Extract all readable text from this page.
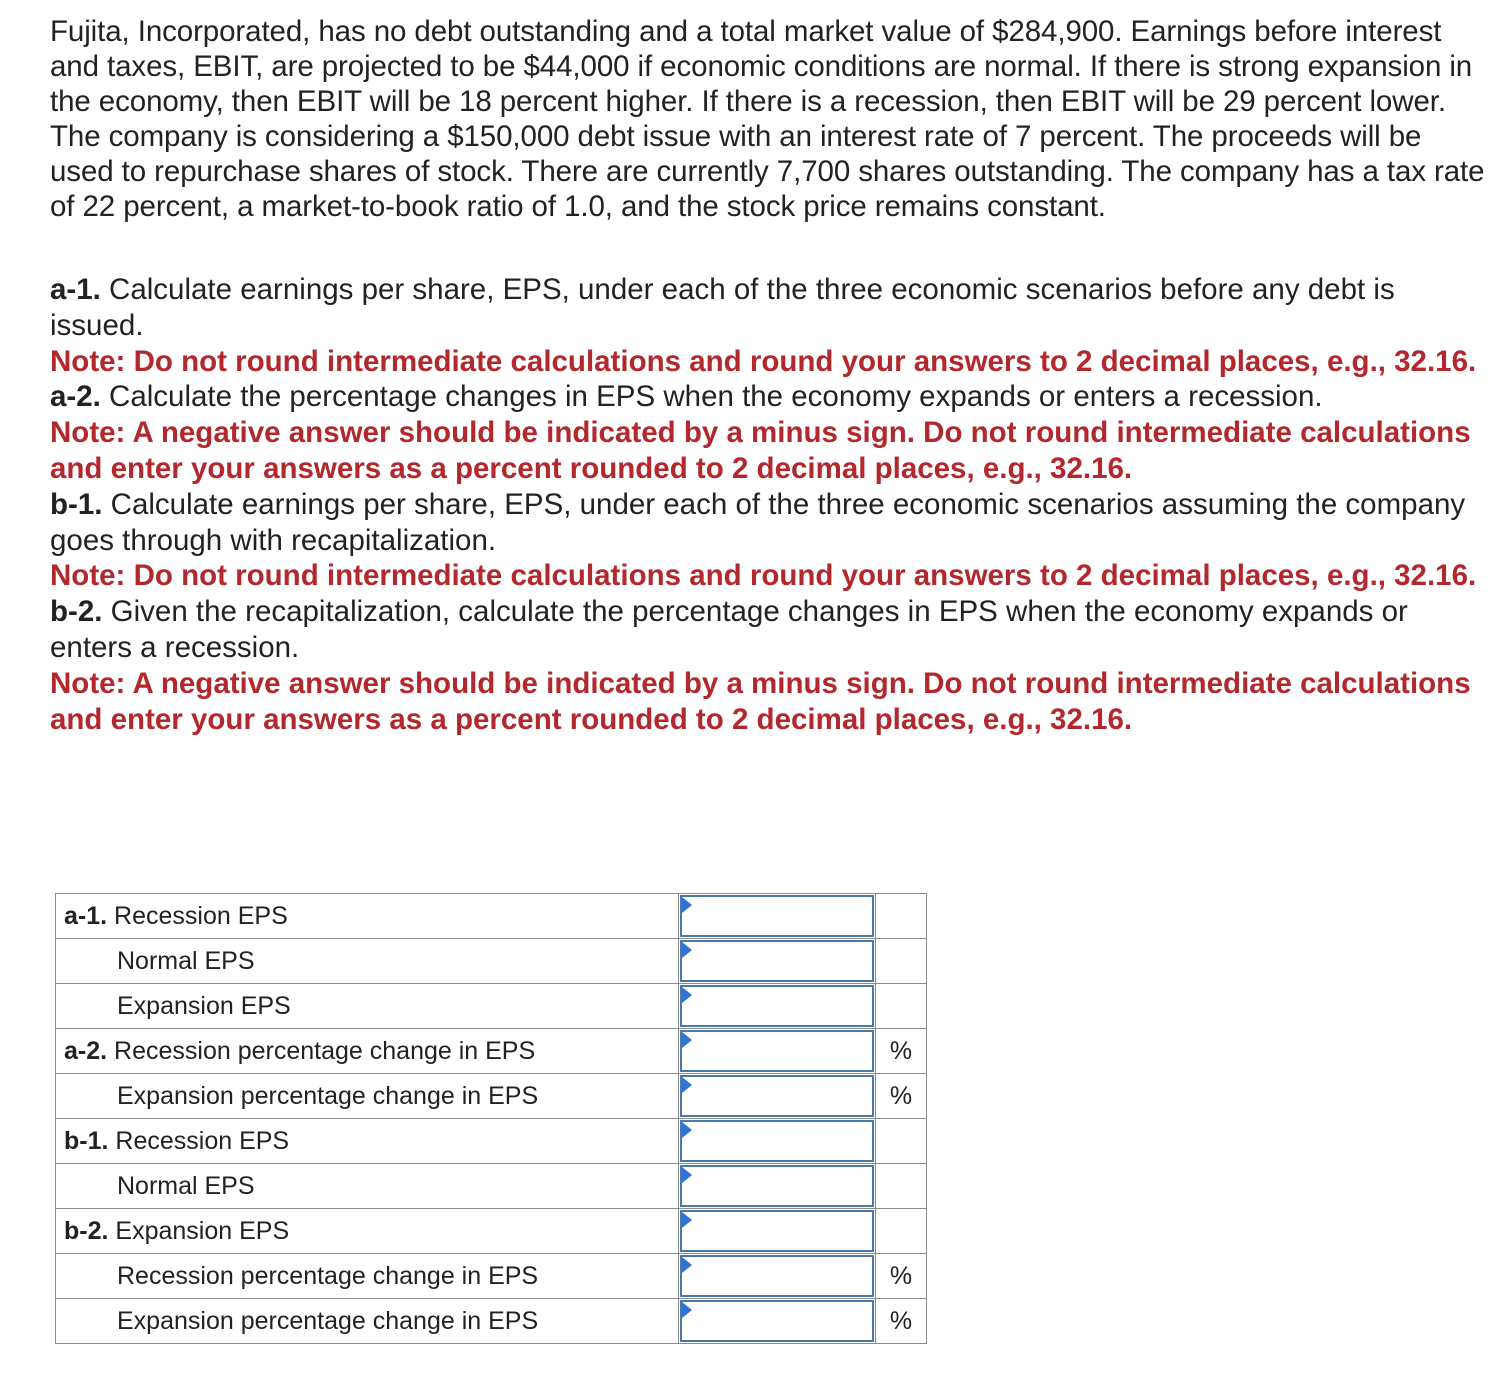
Fujita, Incorporated, has no debt outstanding and a total market value of $284,900. Earnings before interest and taxes, EBIT, are projected to be $44,000 if economic conditions are normal. If there is strong expansion in the economy, then EBIT will be 18 percent higher. If there is a recession, then EBIT will be 29 percent lower. The company is considering a $150,000 debt issue with an interest rate of 7 percent. The proceeds will be used to repurchase shares of stock. There are currently 7,700 shares outstanding. The company has a tax rate of 22 percent, a market-to-book ratio of 1.0, and the stock price remains constant.

a-1. Calculate earnings per share, EPS, under each of the three economic scenarios before any debt is issued.

Note: Do not round intermediate calculations and round your answers to 2 decimal places, e.g., 32.16.

a-2. Calculate the percentage changes in EPS when the economy expands or enters a recession.

Note: A negative answer should be indicated by a minus sign. Do not round intermediate calculations and enter your answers as a percent rounded to 2 decimal places, e.g., 32.16.

b-1. Calculate earnings per share, EPS, under each of the three economic scenarios assuming the company goes through with recapitalization.

Note: Do not round intermediate calculations and round your answers to 2 decimal places, e.g., 32.16.

b-2. Given the recapitalization, calculate the percentage changes in EPS when the economy expands or enters a recession.

Note: A negative answer should be indicated by a minus sign. Do not round intermediate calculations and enter your answers as a percent rounded to 2 decimal places, e.g., 32.16.

a-1. Recession EPS	

Normal EPS	

Expansion EPS	

a-2. Recession percentage change in EPS		%
Expansion percentage change in EPS		%
b-1. Recession EPS	

Normal EPS	

b-2. Expansion EPS	

Recession percentage change in EPS		%
Expansion percentage change in EPS		%
